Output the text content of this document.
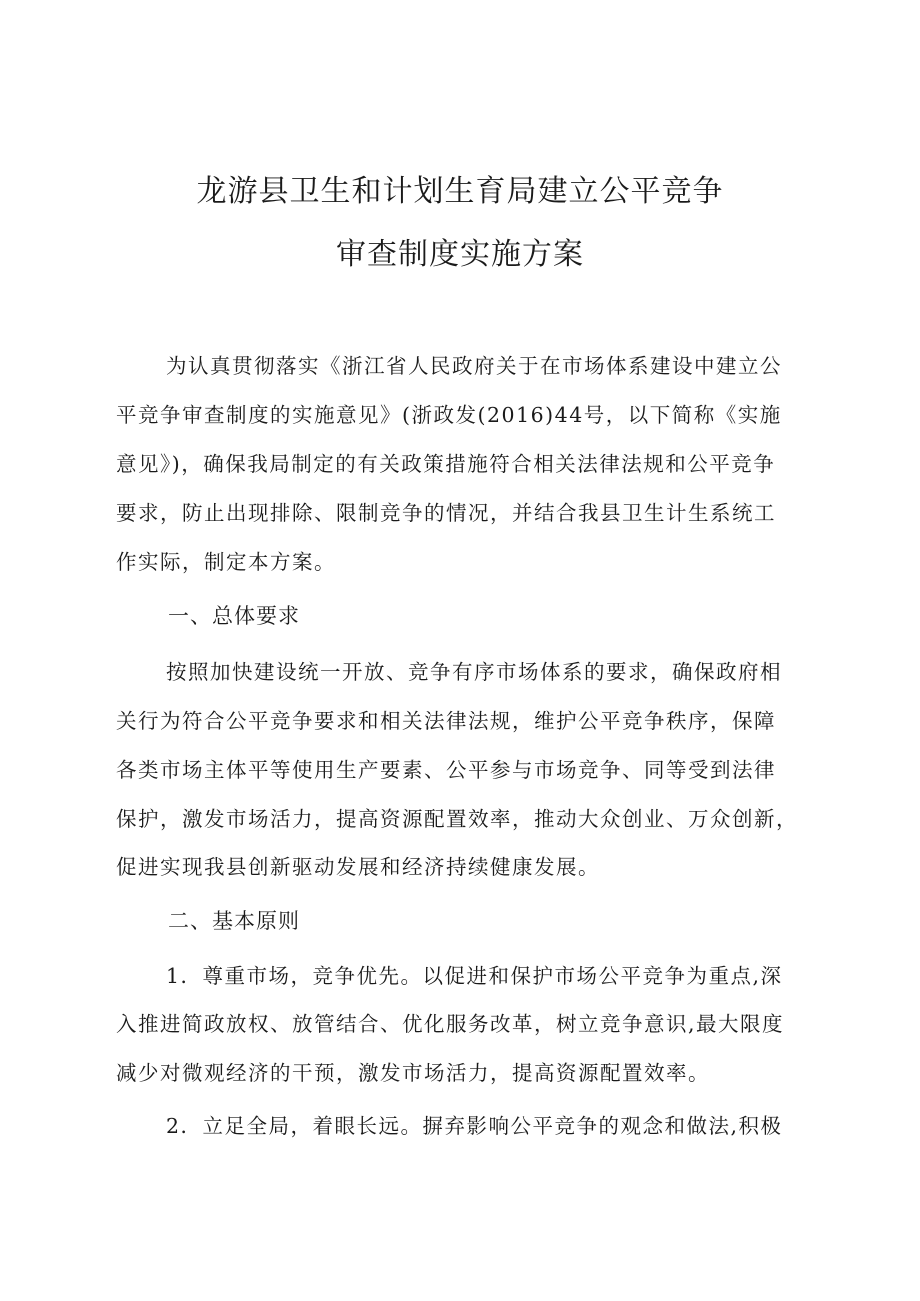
龙游县卫生和计划生育局建立公平竞争
审查制度实施方案
为认真贯彻落实《浙江省人民政府关于在市场体系建设中建立公
平竞争审查制度的实施意见》(浙政发(2016)44号，以下简称《实施
意见》)，确保我局制定的有关政策措施符合相关法律法规和公平竞争
要求，防止出现排除、限制竞争的情况，并结合我县卫生计生系统工
作实际，制定本方案。
一、总体要求
按照加快建设统一开放、竞争有序市场体系的要求，确保政府相
关行为符合公平竞争要求和相关法律法规，维护公平竞争秩序，保障
各类市场主体平等使用生产要素、公平参与市场竞争、同等受到法律
保护，激发市场活力，提高资源配置效率，推动大众创业、万众创新，
促进实现我县创新驱动发展和经济持续健康发展。
二、基本原则
1．尊重市场，竞争优先。以促进和保护市场公平竞争为重点,深
入推进简政放权、放管结合、优化服务改革，树立竞争意识,最大限度
减少对微观经济的干预，激发市场活力，提高资源配置效率。
2．立足全局，着眼长远。摒弃影响公平竞争的观念和做法,积极
